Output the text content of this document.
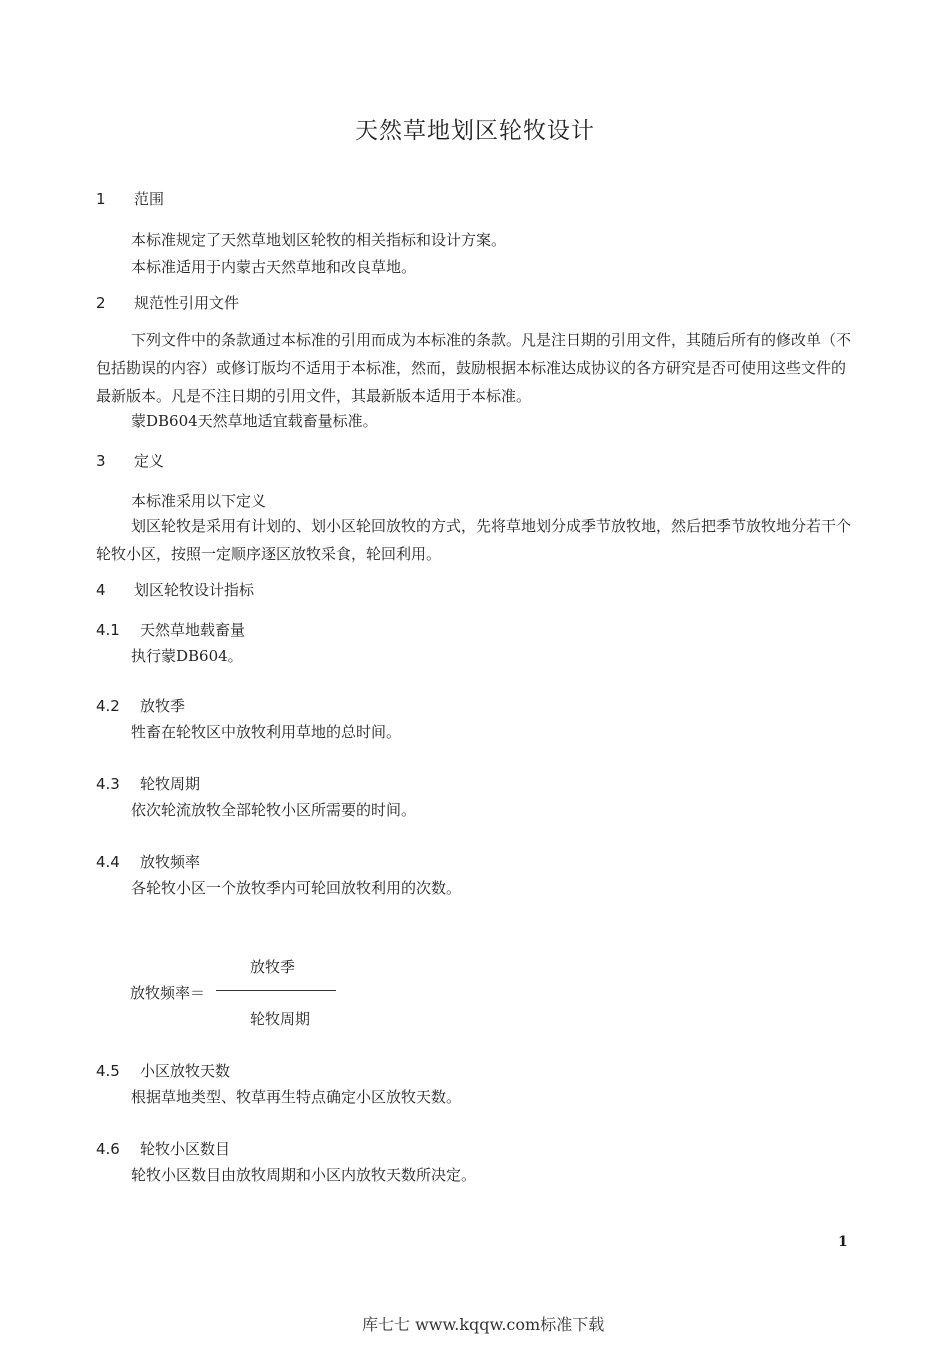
天然草地划区轮牧设计
1 范围
本标准规定了天然草地划区轮牧的相关指标和设计方案。
本标准适用于内蒙古天然草地和改良草地。
2 规范性引用文件
下列文件中的条款通过本标准的引用而成为本标准的条款。凡是注日期的引用文件，其随后所有的修改单（不包括勘误的内容）或修订版均不适用于本标准，然而，鼓励根据本标准达成协议的各方研究是否可使用这些文件的最新版本。凡是不注日期的引用文件，其最新版本适用于本标准。
蒙DB604天然草地适宜载畜量标准。
3 定义
本标准采用以下定义
划区轮牧是采用有计划的、划小区轮回放牧的方式，先将草地划分成季节放牧地，然后把季节放牧地分若干个轮牧小区，按照一定顺序逐区放牧采食，轮回利用。
4 划区轮牧设计指标
4.1 天然草地载畜量
执行蒙DB604。
4.2 放牧季
牲畜在轮牧区中放牧利用草地的总时间。
4.3 轮牧周期
依次轮流放牧全部轮牧小区所需要的时间。
4.4 放牧频率
各轮牧小区一个放牧季内可轮回放牧利用的次数。
放牧季
放牧频率＝
轮牧周期
4.5 小区放牧天数
根据草地类型、牧草再生特点确定小区放牧天数。
4.6 轮牧小区数目
轮牧小区数目由放牧周期和小区内放牧天数所决定。
1
库七七 www.kqqw.com标准下载
